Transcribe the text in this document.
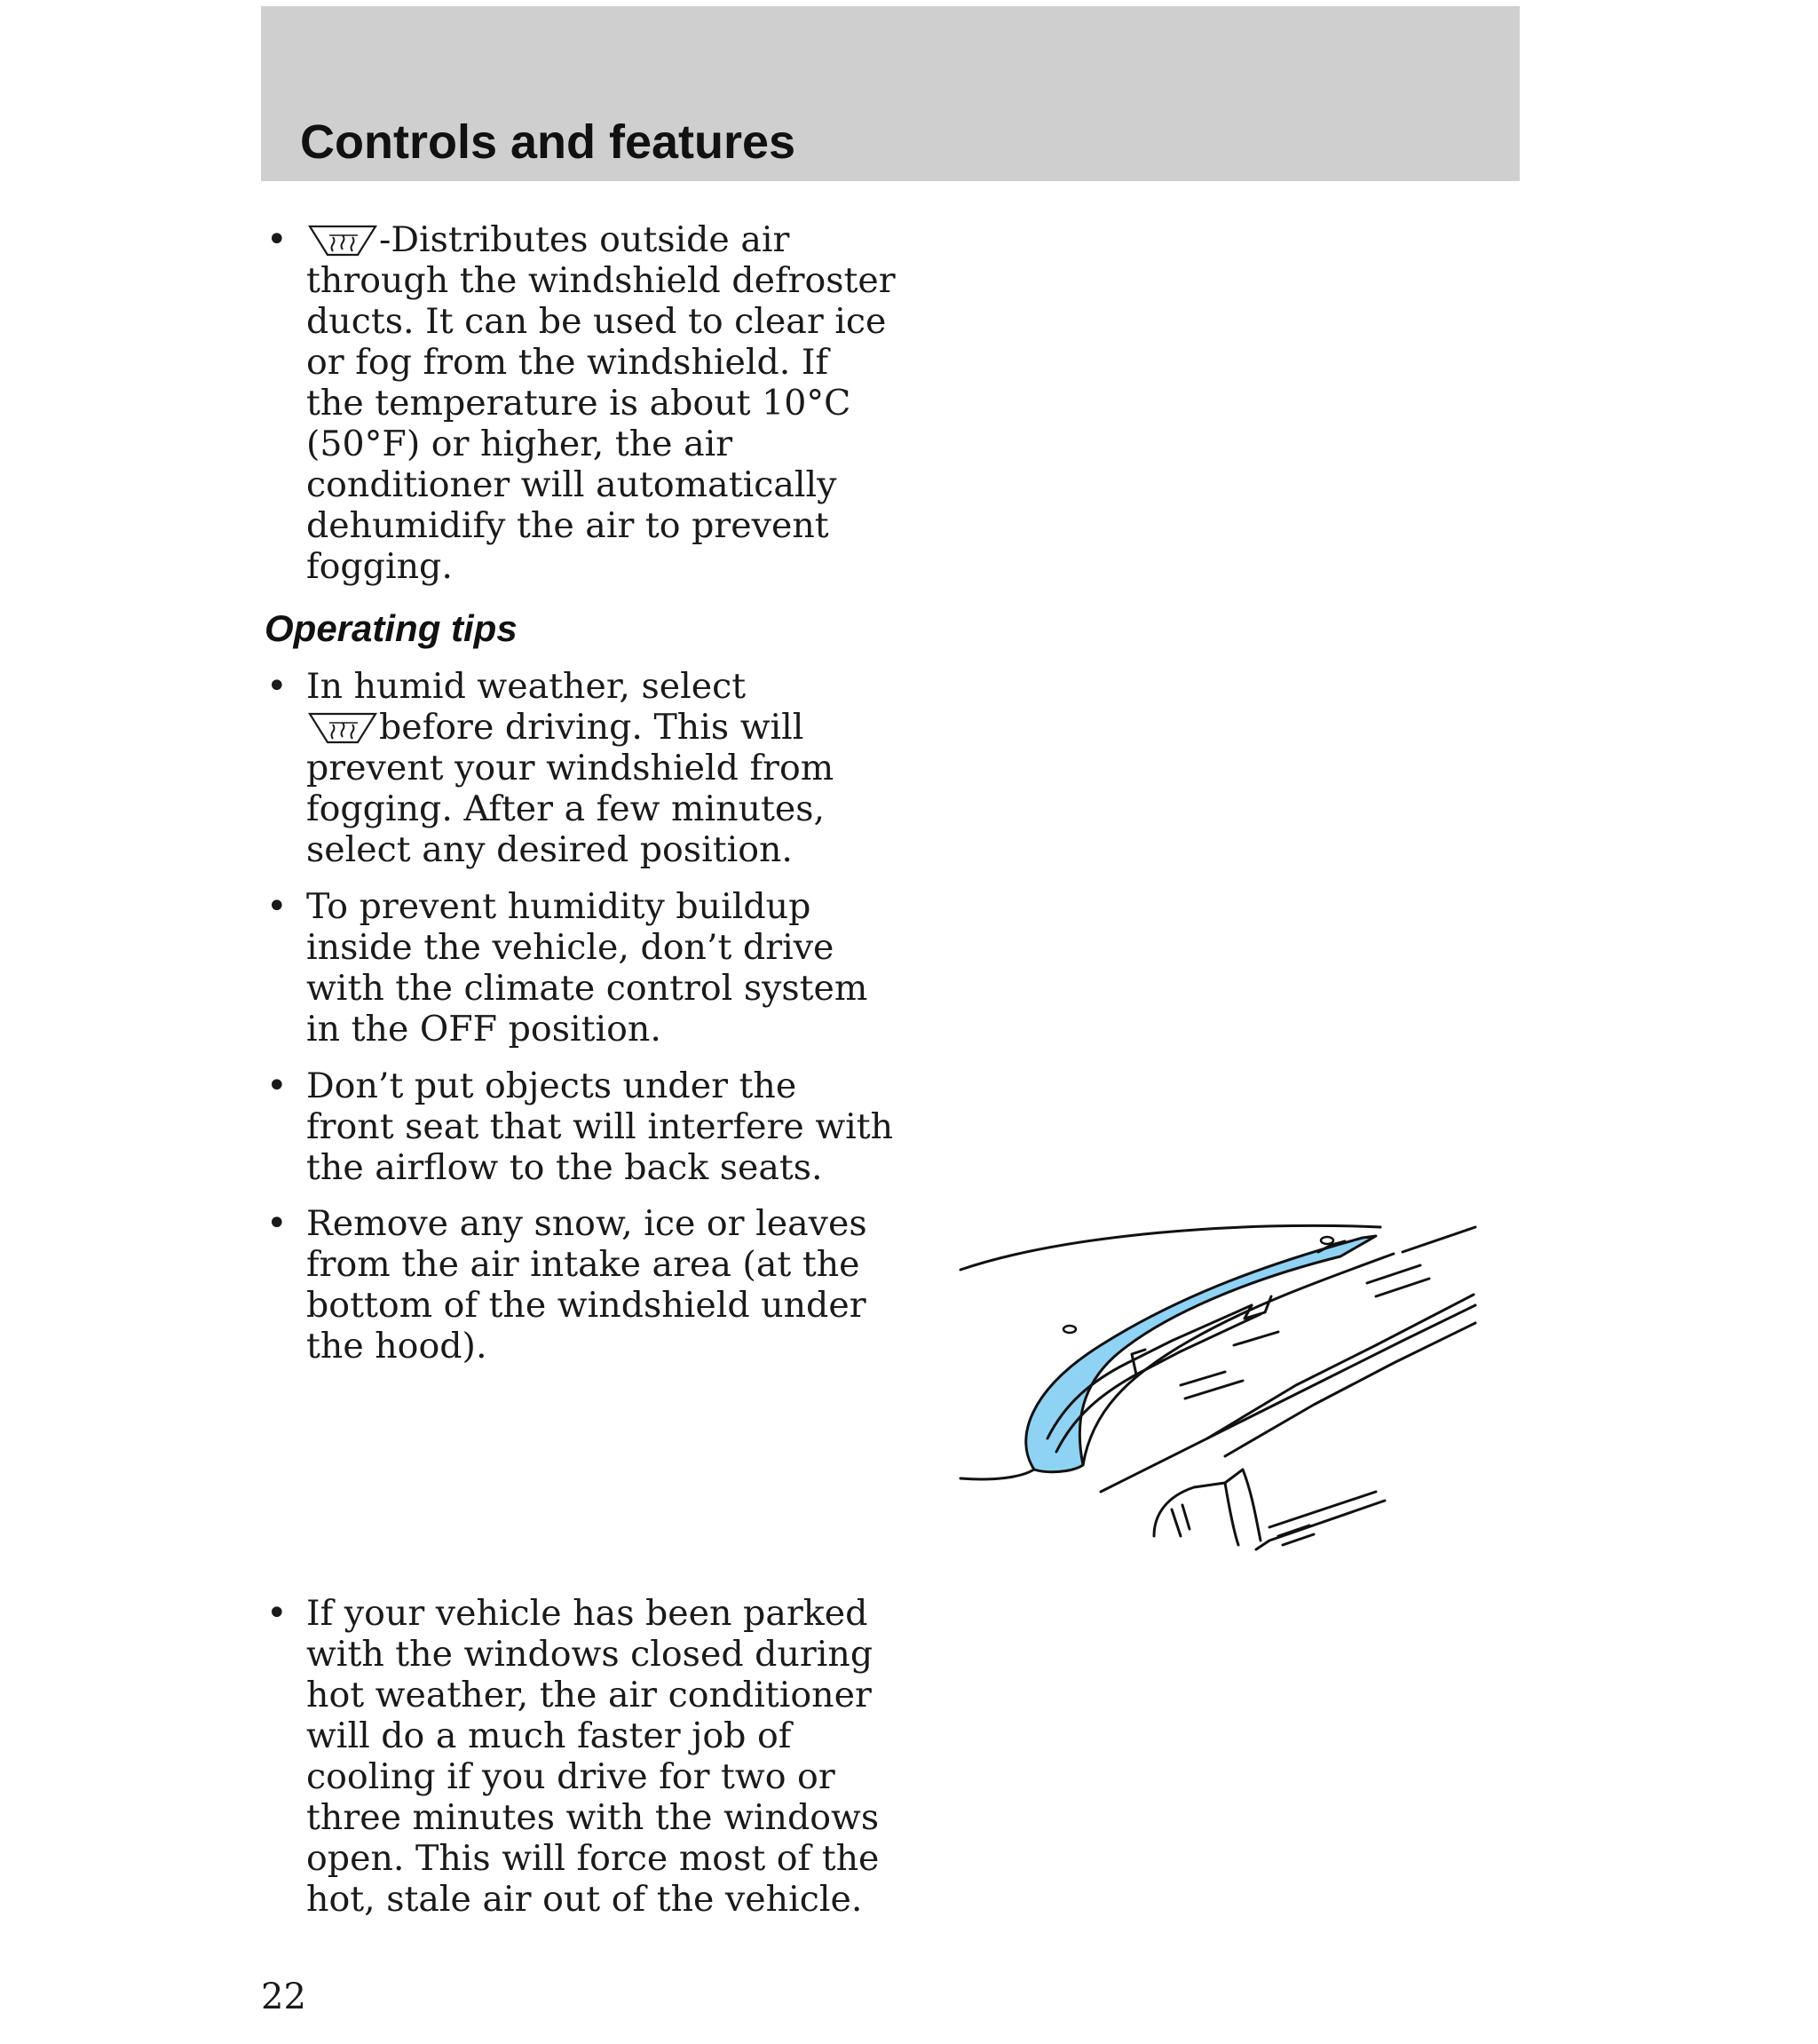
Controls and features
•	-Distributes outside air
through the windshield defroster
ducts. It can be used to clear ice
or fog from the windshield. If
the temperature is about 10°C
(50°F) or higher, the air
conditioner will automatically
dehumidify the air to prevent
fogging.
Operating tips
• In humid weather, select
before driving. This will
prevent your windshield from
fogging. After a few minutes,
select any desired position.
• To prevent humidity buildup
inside the vehicle, don’t drive
with the climate control system
in the OFF position.
• Don’t put objects under the
front seat that will interfere with
the airflow to the back seats.
• Remove any snow, ice or leaves
from the air intake area (at the
bottom of the windshield under
the hood).
• If your vehicle has been parked
with the windows closed during
hot weather, the air conditioner
will do a much faster job of
cooling if you drive for two or
three minutes with the windows
open. This will force most of the
hot, stale air out of the vehicle.

22
